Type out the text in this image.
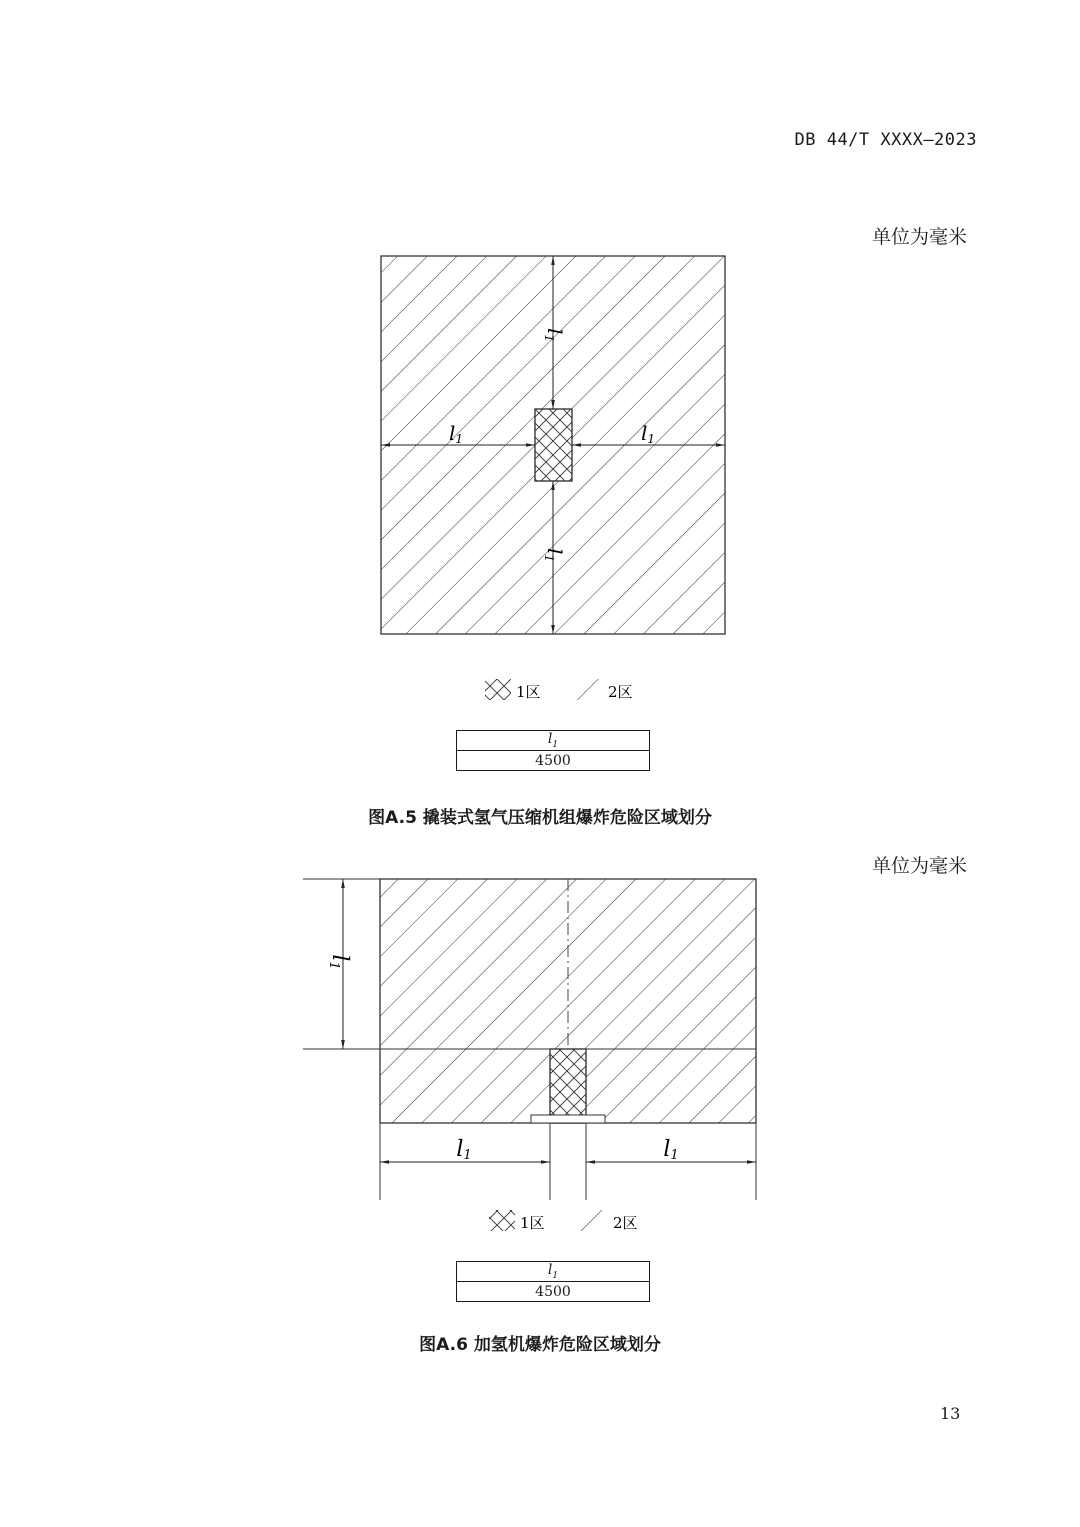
DB 44/T XXXX—2023
单位为毫米
l1
l1
l1	l1
1区	2区
l1
l1	l1
1区	2区
$l_1$
4500
图A.5 撬装式氢气压缩机组爆炸危险区域划分
单位为毫米
$l_1$
4500
图A.6 加氢机爆炸危险区域划分
13
